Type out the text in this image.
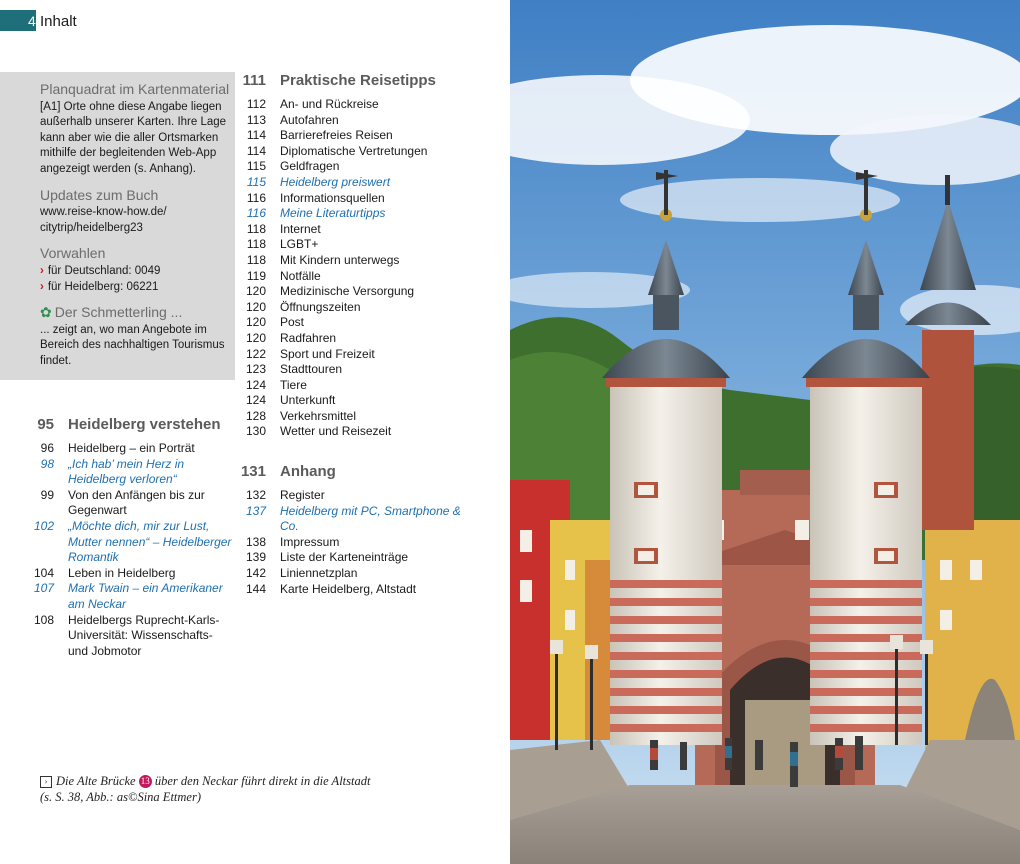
4 Inhalt
Planquadrat im Kartenmaterial
[A1] Orte ohne diese Angabe liegen außerhalb unserer Karten. Ihre Lage kann aber wie die aller Ortsmarken mithilfe der begleitenden Web-App angezeigt werden (s. Anhang).
Updates zum Buch
www.reise-know-how.de/
citytrip/heidelberg23
Vorwahlen
› für Deutschland: 0049
› für Heidelberg: 06221
✿ Der Schmetterling ...
... zeigt an, wo man Angebote im Bereich des nachhaltigen Tourismus findet.
95 Heidelberg verstehen
96	Heidelberg – ein Porträt
98	„Ich hab’ mein Herz in Heidelberg verloren“
99	Von den Anfängen bis zur Gegenwart
102	„Möchte dich, mir zur Lust, Mutter nennen“ – Heidelberger Romantik
104	Leben in Heidelberg
107	Mark Twain – ein Amerikaner am Neckar
108	Heidelbergs Ruprecht-Karls-Universität: Wissenschafts- und Jobmotor
111 Praktische Reisetipps
112	An- und Rückreise
113	Autofahren
114	Barrierefreies Reisen
114	Diplomatische Vertretungen
115	Geldfragen
115	Heidelberg preiswert
116	Informationsquellen
116	Meine Literaturtipps
118	Internet
118	LGBT+
118	Mit Kindern unterwegs
119	Notfälle
120	Medizinische Versorgung
120	Öffnungszeiten
120	Post
120	Radfahren
122	Sport und Freizeit
123	Stadttouren
124	Tiere
124	Unterkunft
128	Verkehrsmittel
130	Wetter und Reisezeit
131 Anhang
132	Register
137	Heidelberg mit PC, Smartphone & Co.
138	Impressum
139	Liste der Karteneinträge
142	Liniennetzplan
144	Karte Heidelberg, Altstadt
› Die Alte Brücke 13 über den Neckar führt direkt in die Altstadt
(s. S. 38, Abb.: as©Sina Ettmer)
